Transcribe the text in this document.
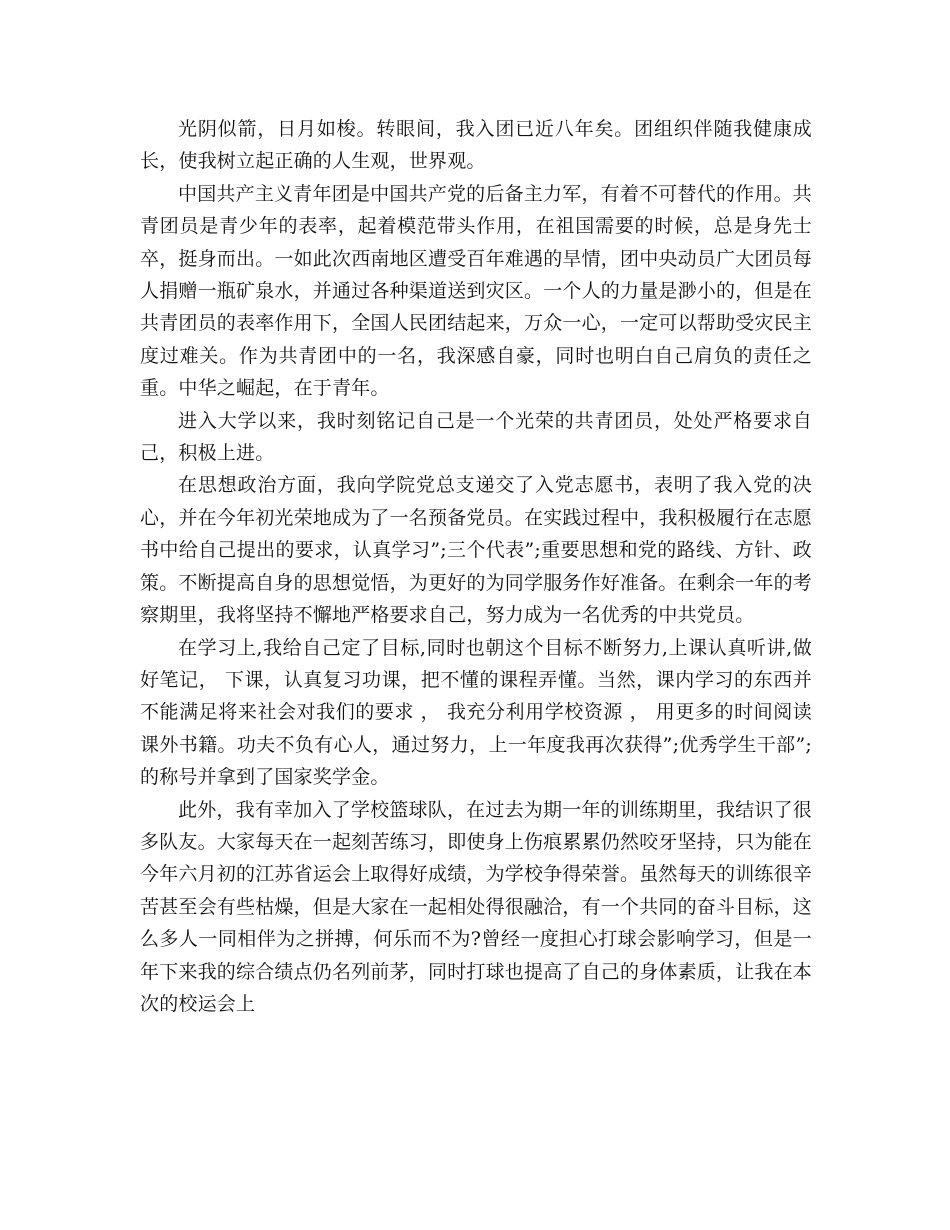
光阴似箭，日月如梭。转眼间，我入团已近八年矣。团组织伴随我健康成长，使我树立起正确的人生观，世界观。

中国共产主义青年团是中国共产党的后备主力军，有着不可替代的作用。共青团员是青少年的表率，起着模范带头作用，在祖国需要的时候，总是身先士卒，挺身而出。一如此次西南地区遭受百年难遇的旱情，团中央动员广大团员每人捐赠一瓶矿泉水，并通过各种渠道送到灾区。一个人的力量是渺小的，但是在共青团员的表率作用下，全国人民团结起来，万众一心，一定可以帮助受灾民主度过难关。作为共青团中的一名，我深感自豪，同时也明白自己肩负的责任之重。中华之崛起，在于青年。

进入大学以来，我时刻铭记自己是一个光荣的共青团员，处处严格要求自己，积极上进。

在思想政治方面，我向学院党总支递交了入党志愿书，表明了我入党的决心，并在今年初光荣地成为了一名预备党员。在实践过程中，我积极履行在志愿书中给自己提出的要求，认真学习”;三个代表”;重要思想和党的路线、方针、政策。不断提高自身的思想觉悟，为更好的为同学服务作好准备。在剩余一年的考察期里，我将坚持不懈地严格要求自己，努力成为一名优秀的中共党员。

在学习上,我给自己定了目标,同时也朝这个目标不断努力,上课认真听讲,做好笔记， 下课，认真复习功课，把不懂的课程弄懂。当然，课内学习的东西并不能满足将来社会对我们的要求 ， 我充分利用学校资源 ， 用更多的时间阅读课外书籍。功夫不负有心人，通过努力，上一年度我再次获得”;优秀学生干部”;的称号并拿到了国家奖学金。

此外，我有幸加入了学校篮球队，在过去为期一年的训练期里，我结识了很多队友。大家每天在一起刻苦练习，即使身上伤痕累累仍然咬牙坚持，只为能在今年六月初的江苏省运会上取得好成绩，为学校争得荣誉。虽然每天的训练很辛苦甚至会有些枯燥，但是大家在一起相处得很融洽，有一个共同的奋斗目标，这么多人一同相伴为之拼搏，何乐而不为?曾经一度担心打球会影响学习，但是一年下来我的综合绩点仍名列前茅，同时打球也提高了自己的身体素质，让我在本次的校运会上
